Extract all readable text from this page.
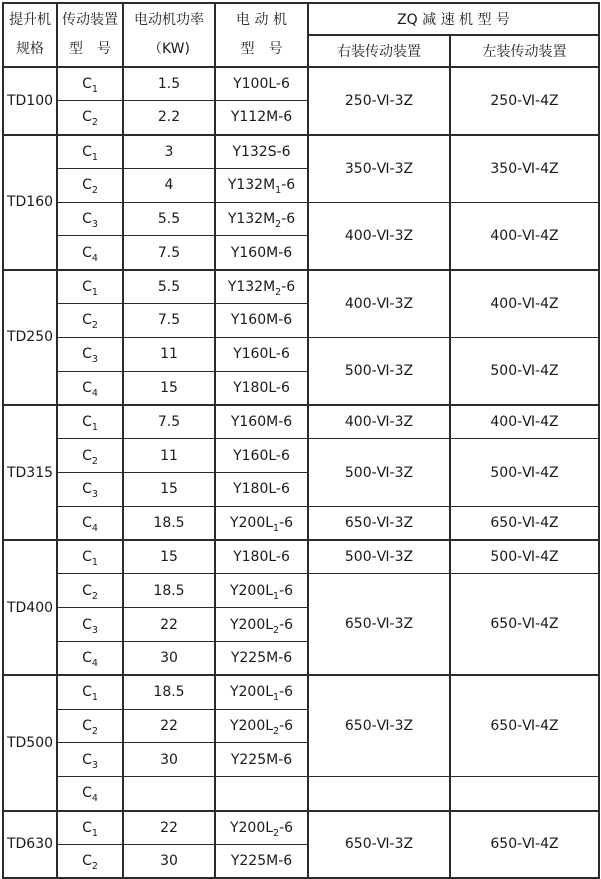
提升机
规格

传动装置
型　号

电动机功率
（KW)

电 动 机
型　号
	ZQ 减 速 机 型 号
				右装传动装置	左装传动装置
TD100	$C_1$	1.5	Y100L-6	250-Ⅵ-3Z	250-Ⅵ-4Z
	$C_2$	2.2	Y112M-6		
TD160	$C_1$	3	Y132S-6	350-Ⅵ-3Z	350-Ⅵ-4Z
	$C_2$	4	$Y132M_1-6$		
	$C_3$	5.5	$Y132M_2-6$	400-Ⅵ-3Z	400-Ⅵ-4Z
	$C_4$	7.5	Y160M-6		
TD250	$C_1$	5.5	$Y132M_2-6$	400-Ⅵ-3Z	400-Ⅵ-4Z
	$C_2$	7.5	Y160M-6		
	$C_3$	11	Y160L-6	500-Ⅵ-3Z	500-Ⅵ-4Z
	$C_4$	15	Y180L-6		
TD315	$C_1$	7.5	Y160M-6	400-Ⅵ-3Z	400-Ⅵ-4Z
	$C_2$	11	Y160L-6	500-Ⅵ-3Z	500-Ⅵ-4Z
	$C_3$	15	Y180L-6		
	$C_4$	18.5	$Y200L_1-6$	650-Ⅵ-3Z	650-Ⅵ-4Z
TD400	$C_1$	15	Y180L-6	500-Ⅵ-3Z	500-Ⅵ-4Z
	$C_2$	18.5	$Y200L_1-6$	650-Ⅵ-3Z	650-Ⅵ-4Z
	$C_3$	22	$Y200L_2-6$		
	$C_4$	30	Y225M-6		
TD500	$C_1$	18.5	$Y200L_1-6$	650-Ⅵ-3Z	650-Ⅵ-4Z
	$C_2$	22	$Y200L_2-6$		
	$C_3$	30	Y225M-6		
	$C_4$				
TD630	$C_1$	22	$Y200L_2-6$	650-Ⅵ-3Z	650-Ⅵ-4Z
	$C_2$	30	Y225M-6		
